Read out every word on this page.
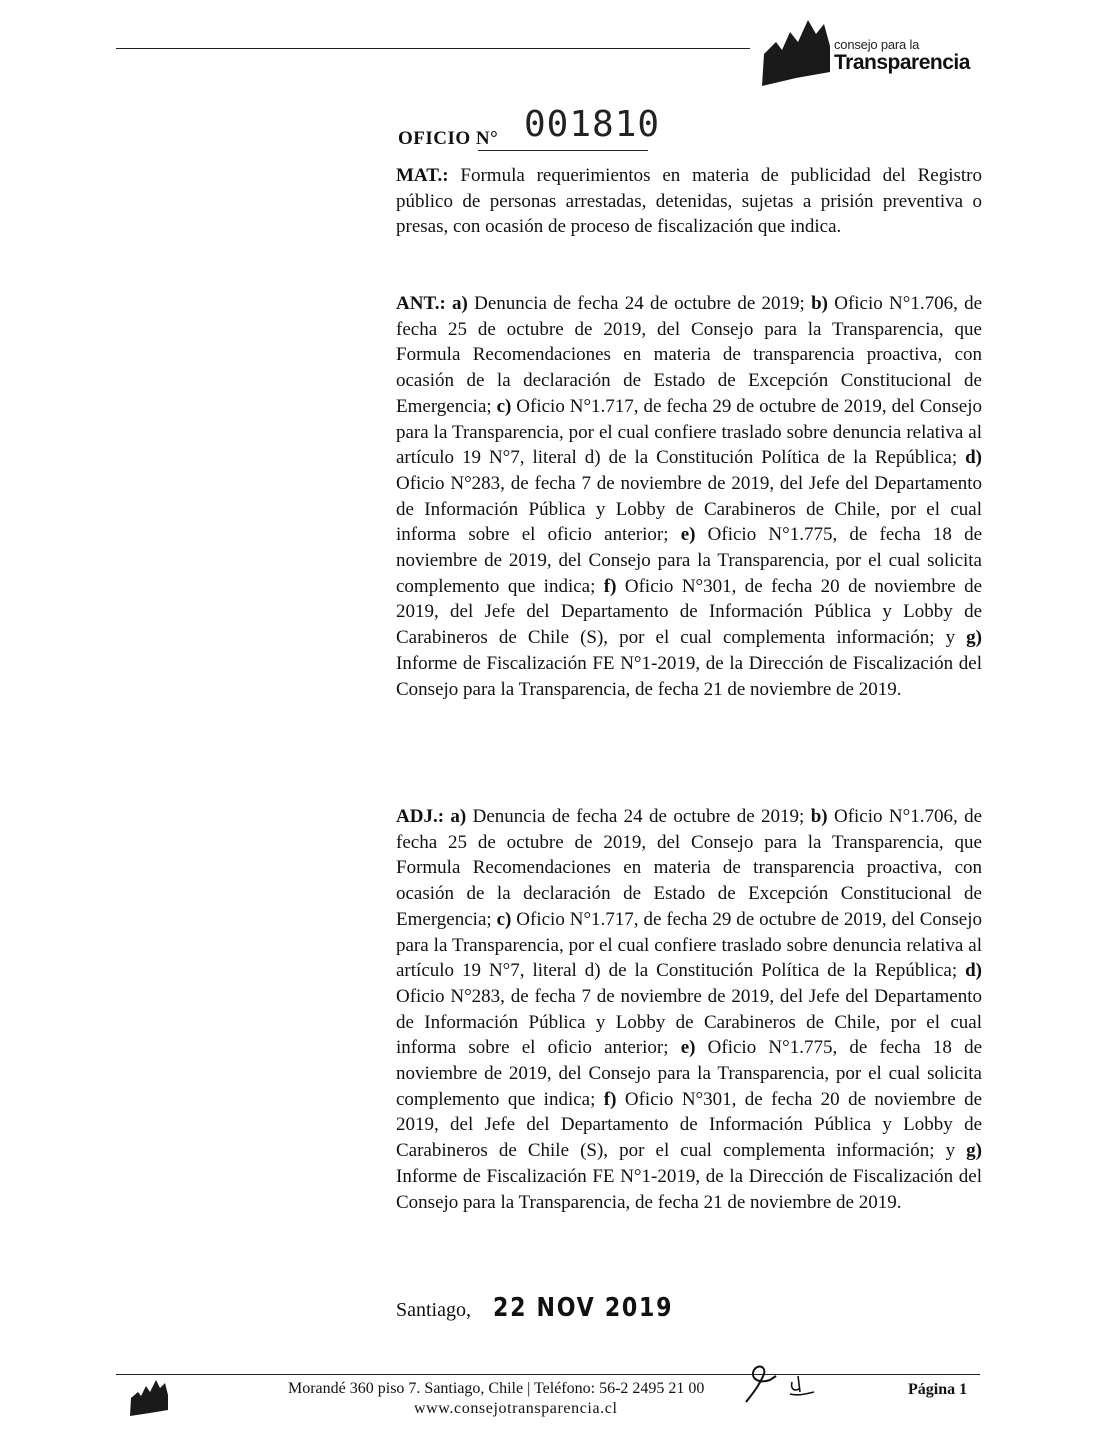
consejo para la
Transparencia
OFICIO N° 001810
MAT.: Formula requerimientos en materia de publicidad del Registro público de personas arrestadas, detenidas, sujetas a prisión preventiva o presas, con ocasión de proceso de fiscalización que indica.
ANT.: a) Denuncia de fecha 24 de octubre de 2019; b) Oficio N°1.706, de fecha 25 de octubre de 2019, del Consejo para la Transparencia, que Formula Recomendaciones en materia de transparencia proactiva, con ocasión de la declaración de Estado de Excepción Constitucional de Emergencia; c) Oficio N°1.717, de fecha 29 de octubre de 2019, del Consejo para la Transparencia, por el cual confiere traslado sobre denuncia relativa al artículo 19 N°7, literal d) de la Constitución Política de la República; d) Oficio N°283, de fecha 7 de noviembre de 2019, del Jefe del Departamento de Información Pública y Lobby de Carabineros de Chile, por el cual informa sobre el oficio anterior; e) Oficio N°1.775, de fecha 18 de noviembre de 2019, del Consejo para la Transparencia, por el cual solicita complemento que indica; f) Oficio N°301, de fecha 20 de noviembre de 2019, del Jefe del Departamento de Información Pública y Lobby de Carabineros de Chile (S), por el cual complementa información; y g) Informe de Fiscalización FE N°1-2019, de la Dirección de Fiscalización del Consejo para la Transparencia, de fecha 21 de noviembre de 2019.
ADJ.: a) Denuncia de fecha 24 de octubre de 2019; b) Oficio N°1.706, de fecha 25 de octubre de 2019, del Consejo para la Transparencia, que Formula Recomendaciones en materia de transparencia proactiva, con ocasión de la declaración de Estado de Excepción Constitucional de Emergencia; c) Oficio N°1.717, de fecha 29 de octubre de 2019, del Consejo para la Transparencia, por el cual confiere traslado sobre denuncia relativa al artículo 19 N°7, literal d) de la Constitución Política de la República; d) Oficio N°283, de fecha 7 de noviembre de 2019, del Jefe del Departamento de Información Pública y Lobby de Carabineros de Chile, por el cual informa sobre el oficio anterior; e) Oficio N°1.775, de fecha 18 de noviembre de 2019, del Consejo para la Transparencia, por el cual solicita complemento que indica; f) Oficio N°301, de fecha 20 de noviembre de 2019, del Jefe del Departamento de Información Pública y Lobby de Carabineros de Chile (S), por el cual complementa información; y g) Informe de Fiscalización FE N°1-2019, de la Dirección de Fiscalización del Consejo para la Transparencia, de fecha 21 de noviembre de 2019.
Santiago, 22 NOV 2019
Morandé 360 piso 7. Santiago, Chile | Teléfono: 56-2 2495 21 00
www.consejotransparencia.cl
Página 1
